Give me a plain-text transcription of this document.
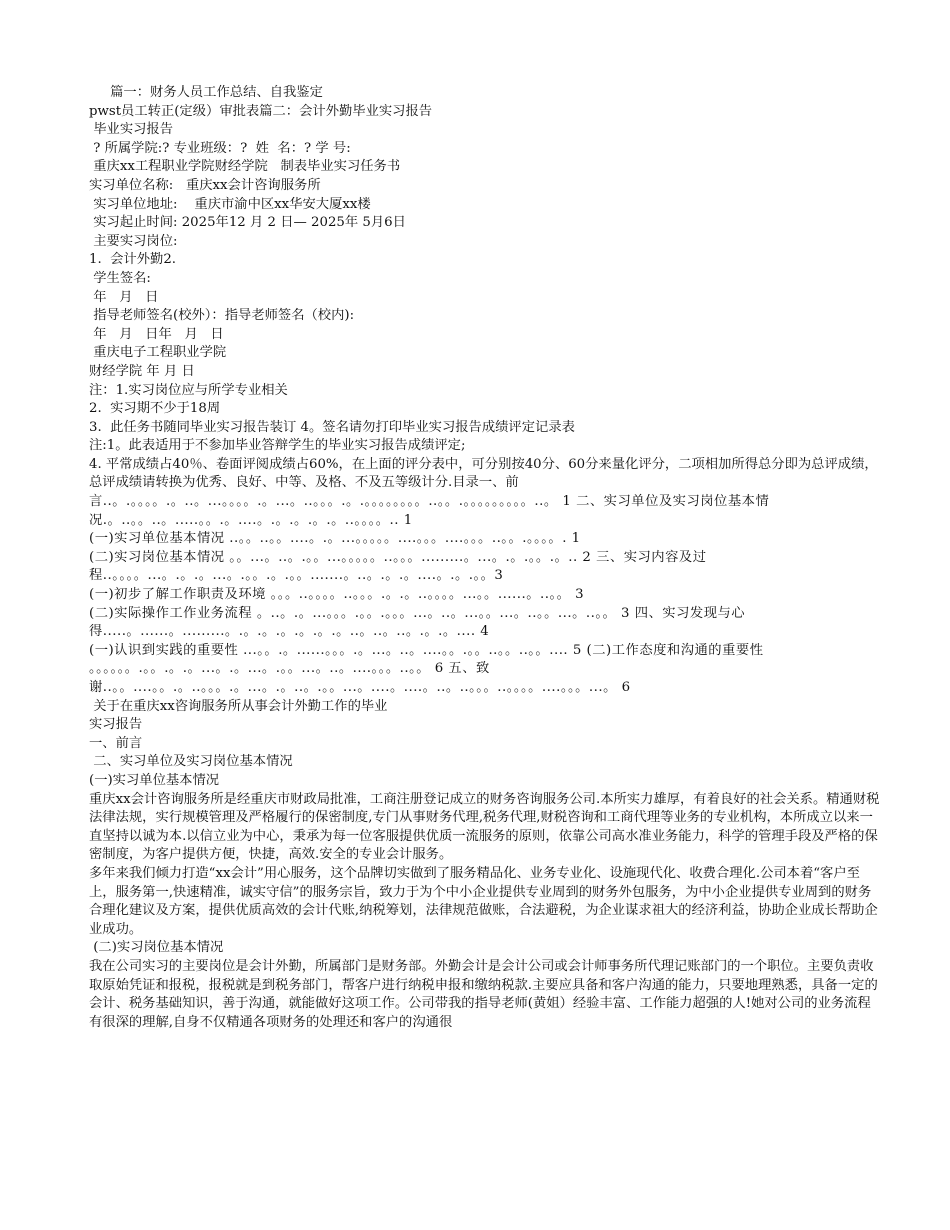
篇一：财务人员工作总结、自我鉴定
pwst员工转正(定级）审批表篇二：会计外勤毕业实习报告
毕业实习报告
? 所属学院:? 专业班级：?  姓  名：? 学 号:
重庆xx工程职业学院财经学院   制表毕业实习任务书
实习单位名称:   重庆xx会计咨询服务所
实习单位地址:    重庆市渝中区xx华安大厦xx楼
实习起止时间: 2025年12 月 2 日— 2025年 5月6日
主要实习岗位:
1.  会计外勤2.
学生签名:
年   月   日
指导老师签名(校外）：指导老师签名（校内):
年   月   日年   月   日
重庆电子工程职业学院
财经学院 年 月 日
注：1.实习岗位应与所学专业相关
2.  实习期不少于18周
3.  此任务书随同毕业实习报告装订 4。签名请勿打印毕业实习报告成绩评定记录表
注:1。此表适用于不参加毕业答辩学生的毕业实习报告成绩评定;
4. 平常成绩占40％、卷面评阅成绩占60%，在上面的评分表中，可分别按40分、60分来量化评分，二项相加所得总分即为总评成绩，总评成绩请转换为优秀、良好、中等、及格、不及五等级计分.目录一、前
言..。.。。。。.。..。...。。。。.。...。..。。。.。.。。。。。。。。..。。.。。。。。。。。。..。 1 二、实习单位及实习岗位基本情
况.。..。。..。.....。。.。....。.。.。.。.。..。。。。.. 1
(一)实习单位基本情况 ..。。..。。....。.。...。。。。。....。。。....。。。..。。.。。。。. 1
(二)实习岗位基本情况 。。...。..。.。。...。。。。。..。。。.........。...。.。.。。.。.. 2 三、实习内容及过程..。。。。...。.。.。...。.。。.。.。。.......。..。.。.。....。.。.。。3
(一)初步了解工作职责及环境 。。。..。。。。..。。。.。.。..。。。。...。。......。..。。 3
(二)实际操作工作业务流程 。..。.。...。。。.。。.。。。...。..。...。。...。..。。...。..。。 3 四、实习发现与心得.....。......。.........。.。.。.。.。.。.。..。..。..。.。.。.... 4
(一)认识到实践的重要性 ...。。.。......。。。.。...。..。....。。.。。..。。..。。.... 5 (二)工作态度和沟通的重要性 。。。。。。.。。.。.。...。.。...。.。。...。..。....。。。..。。 6 五、致谢..。。....。。.。..。。。.。...。.。..。.。。...。....。....。..。..。。。..。。。。....。。。...。 6
关于在重庆xx咨询服务所从事会计外勤工作的毕业
实习报告
一、前言
二、实习单位及实习岗位基本情况
(一)实习单位基本情况
重庆xx会计咨询服务所是经重庆市财政局批准，工商注册登记成立的财务咨询服务公司.本所实力雄厚，有着良好的社会关系。精通财税法律法规，实行规模管理及严格履行的保密制度,专门从事财务代理,税务代理,财税咨询和工商代理等业务的专业机构，本所成立以来一直坚持以诚为本.以信立业为中心，秉承为每一位客服提供优质一流服务的原则，依靠公司高水准业务能力，科学的管理手段及严格的保密制度，为客户提供方便，快捷，高效.安全的专业会计服务。
多年来我们倾力打造“xx会计”用心服务，这个品牌切实做到了服务精品化、业务专业化、设施现代化、收费合理化.公司本着“客户至上，服务第一,快速精准，诚实守信”的服务宗旨，致力于为个中小企业提供专业周到的财务外包服务，为中小企业提供专业周到的财务合理化建议及方案，提供优质高效的会计代账,纳税筹划，法律规范做账，合法避税，为企业谋求祖大的经济利益，协助企业成长帮助企业成功。
(二)实习岗位基本情况
我在公司实习的主要岗位是会计外勤，所属部门是财务部。外勤会计是会计公司或会计师事务所代理记账部门的一个职位。主要负责收取原始凭证和报税，报税就是到税务部门，帮客户进行纳税申报和缴纳税款.主要应具备和客户沟通的能力，只要地理熟悉，具备一定的会计、税务基础知识，善于沟通，就能做好这项工作。公司带我的指导老师(黄姐）经验丰富、工作能力超强的人!她对公司的业务流程有很深的理解,自身不仅精通各项财务的处理还和客户的沟通很
